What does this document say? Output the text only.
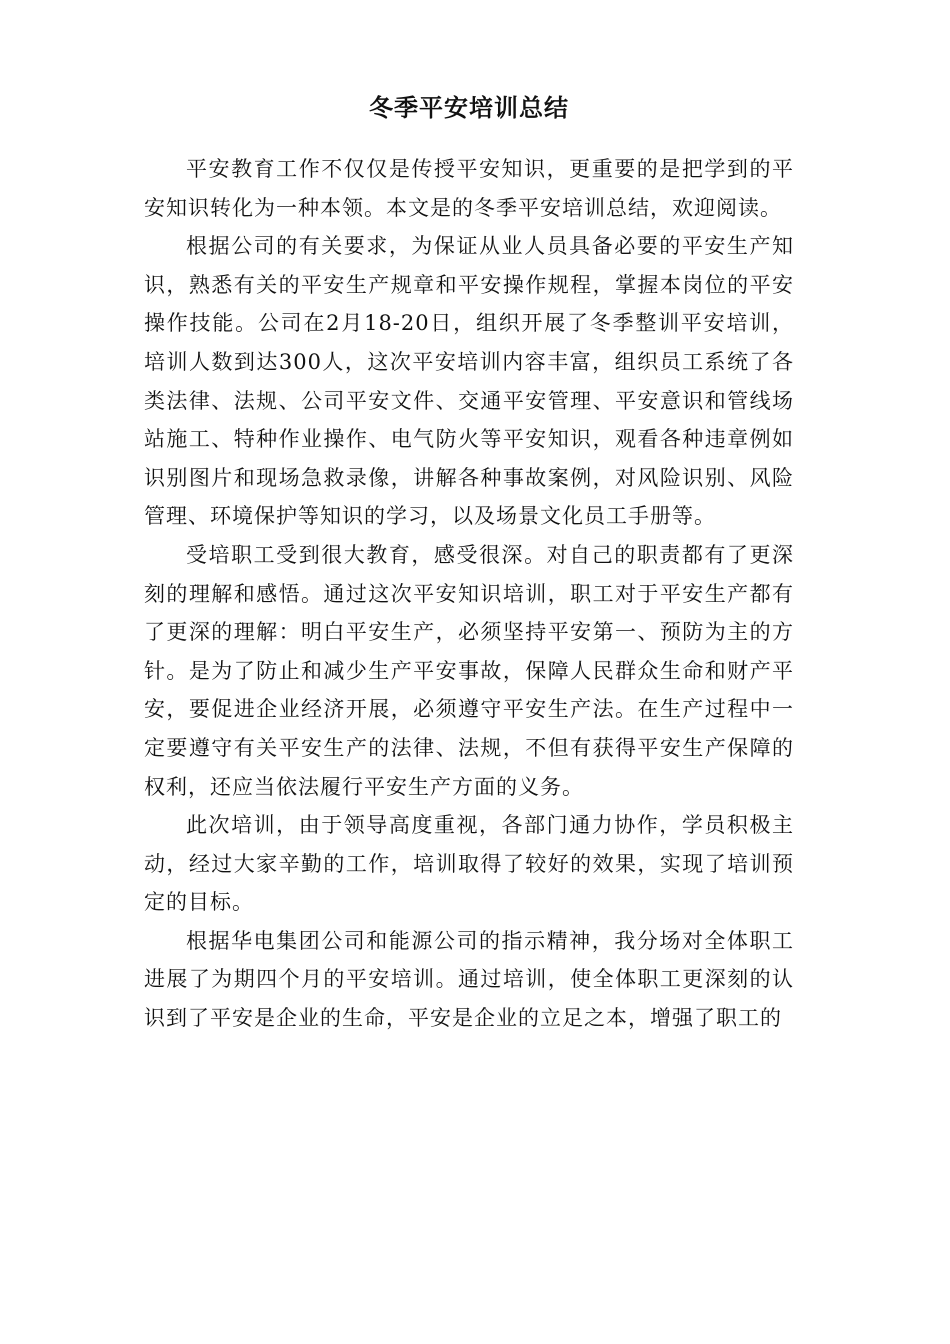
冬季平安培训总结

平安教育工作不仅仅是传授平安知识，更重要的是把学到的平安知识转化为一种本领。本文是的冬季平安培训总结，欢迎阅读。

根据公司的有关要求，为保证从业人员具备必要的平安生产知识，熟悉有关的平安生产规章和平安操作规程，掌握本岗位的平安操作技能。公司在2月18-20日，组织开展了冬季整训平安培训，培训人数到达300人，这次平安培训内容丰富，组织员工系统了各类法律、法规、公司平安文件、交通平安管理、平安意识和管线场站施工、特种作业操作、电气防火等平安知识，观看各种违章例如识别图片和现场急救录像，讲解各种事故案例，对风险识别、风险管理、环境保护等知识的学习，以及场景文化员工手册等。

受培职工受到很大教育，感受很深。对自己的职责都有了更深刻的理解和感悟。通过这次平安知识培训，职工对于平安生产都有了更深的理解：明白平安生产，必须坚持平安第一、预防为主的方针。是为了防止和减少生产平安事故，保障人民群众生命和财产平安，要促进企业经济开展，必须遵守平安生产法。在生产过程中一定要遵守有关平安生产的法律、法规，不但有获得平安生产保障的权利，还应当依法履行平安生产方面的义务。

此次培训，由于领导高度重视，各部门通力协作，学员积极主动，经过大家辛勤的工作，培训取得了较好的效果，实现了培训预定的目标。

根据华电集团公司和能源公司的指示精神，我分场对全体职工进展了为期四个月的平安培训。通过培训，使全体职工更深刻的认识到了平安是企业的生命，平安是企业的立足之本，增强了职工的
